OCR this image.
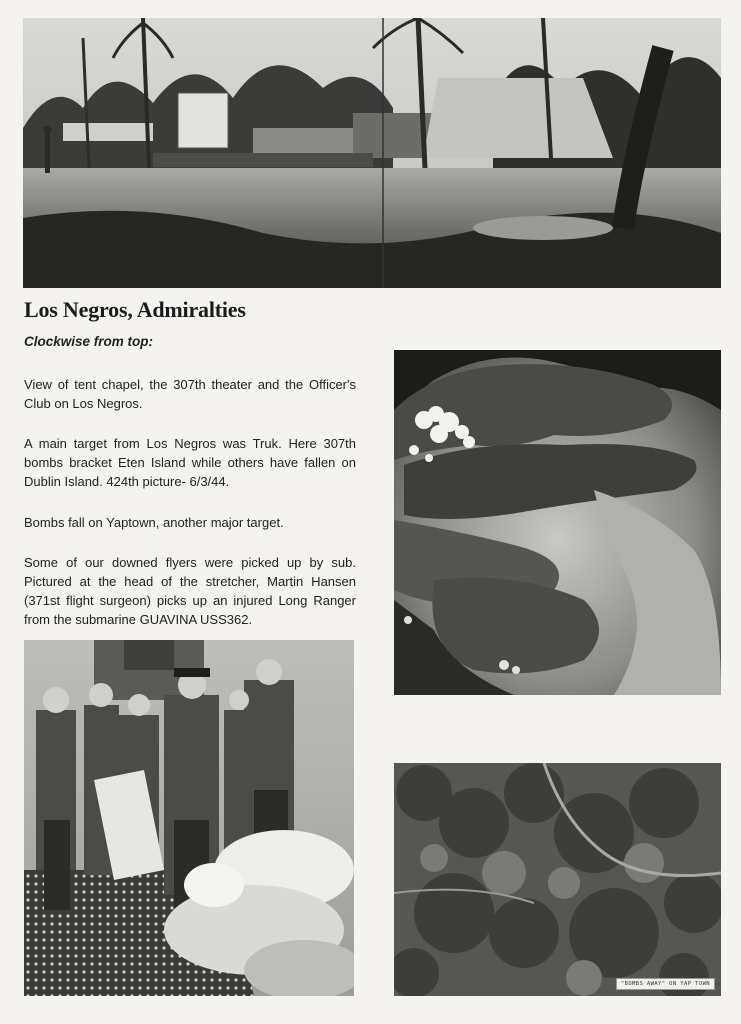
Los Negros, Admiralties

Clockwise from top:

View of tent chapel, the 307th theater and the Officer's Club on Los Negros.

A main target from Los Negros was Truk. Here 307th bombs bracket Eten Island while others have fallen on Dublin Island. 424th picture- 6/3/44.

Bombs fall on Yaptown, another major target.

Some of our downed flyers were picked up by sub. Pictured at the head of the stretcher, Martin Hansen (371st flight surgeon) picks up an injured Long Ranger from the submarine GUAVINA USS362.

"BOMBS AWAY" ON YAP TOWN
